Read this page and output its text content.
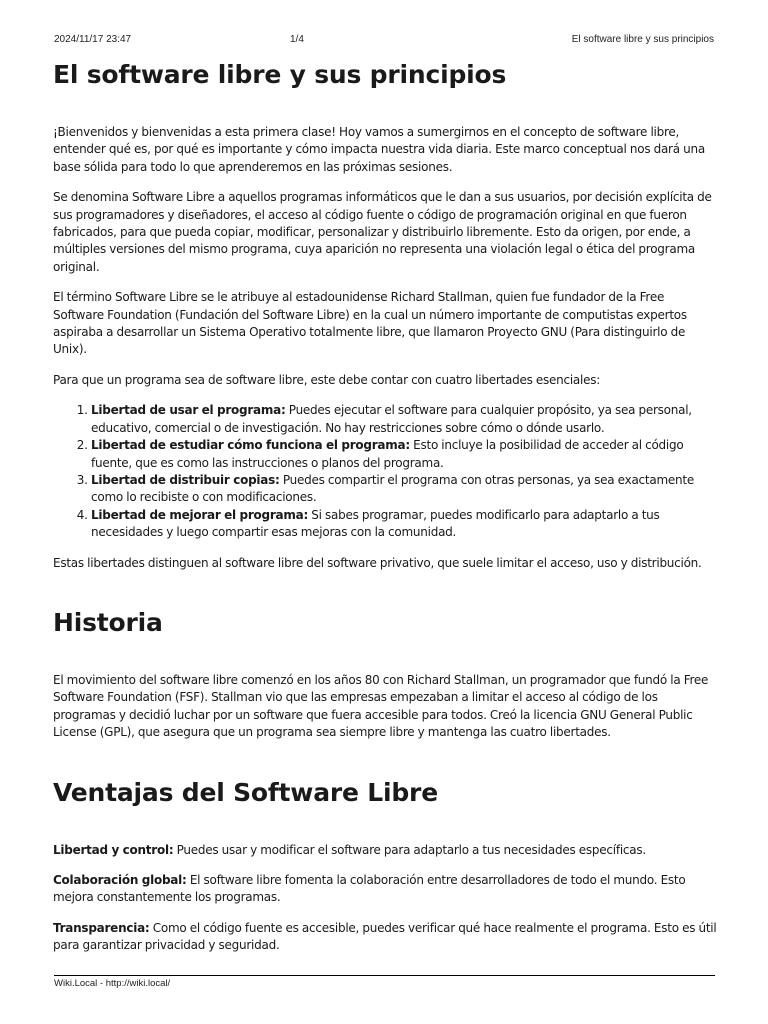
2024/11/17 23:47	1/4	El software libre y sus principios
El software libre y sus principios

¡Bienvenidos y bienvenidas a esta primera clase! Hoy vamos a sumergirnos en el concepto de software libre, entender qué es, por qué es importante y cómo impacta nuestra vida diaria. Este marco conceptual nos dará una base sólida para todo lo que aprenderemos en las próximas sesiones.

Se denomina Software Libre a aquellos programas informáticos que le dan a sus usuarios, por decisión explícita de sus programadores y diseñadores, el acceso al código fuente o código de programación original en que fueron fabricados, para que pueda copiar, modificar, personalizar y distribuirlo libremente. Esto da origen, por ende, a múltiples versiones del mismo programa, cuya aparición no representa una violación legal o ética del programa original.

El término Software Libre se le atribuye al estadounidense Richard Stallman, quien fue fundador de la Free Software Foundation (Fundación del Software Libre) en la cual un número importante de computistas expertos aspiraba a desarrollar un Sistema Operativo totalmente libre, que llamaron Proyecto GNU (Para distinguirlo de Unix).

Para que un programa sea de software libre, este debe contar con cuatro libertades esenciales:

1. Libertad de usar el programa: Puedes ejecutar el software para cualquier propósito, ya sea personal, educativo, comercial o de investigación. No hay restricciones sobre cómo o dónde usarlo.
2. Libertad de estudiar cómo funciona el programa: Esto incluye la posibilidad de acceder al código fuente, que es como las instrucciones o planos del programa.
3. Libertad de distribuir copias: Puedes compartir el programa con otras personas, ya sea exactamente como lo recibiste o con modificaciones.
4. Libertad de mejorar el programa: Si sabes programar, puedes modificarlo para adaptarlo a tus necesidades y luego compartir esas mejoras con la comunidad.

Estas libertades distinguen al software libre del software privativo, que suele limitar el acceso, uso y distribución.

Historia

El movimiento del software libre comenzó en los años 80 con Richard Stallman, un programador que fundó la Free Software Foundation (FSF). Stallman vio que las empresas empezaban a limitar el acceso al código de los programas y decidió luchar por un software que fuera accesible para todos. Creó la licencia GNU General Public License (GPL), que asegura que un programa sea siempre libre y mantenga las cuatro libertades.

Ventajas del Software Libre

Libertad y control: Puedes usar y modificar el software para adaptarlo a tus necesidades específicas.

Colaboración global: El software libre fomenta la colaboración entre desarrolladores de todo el mundo. Esto mejora constantemente los programas.

Transparencia: Como el código fuente es accesible, puedes verificar qué hace realmente el programa. Esto es útil para garantizar privacidad y seguridad.

Wiki.Local - http://wiki.local/
